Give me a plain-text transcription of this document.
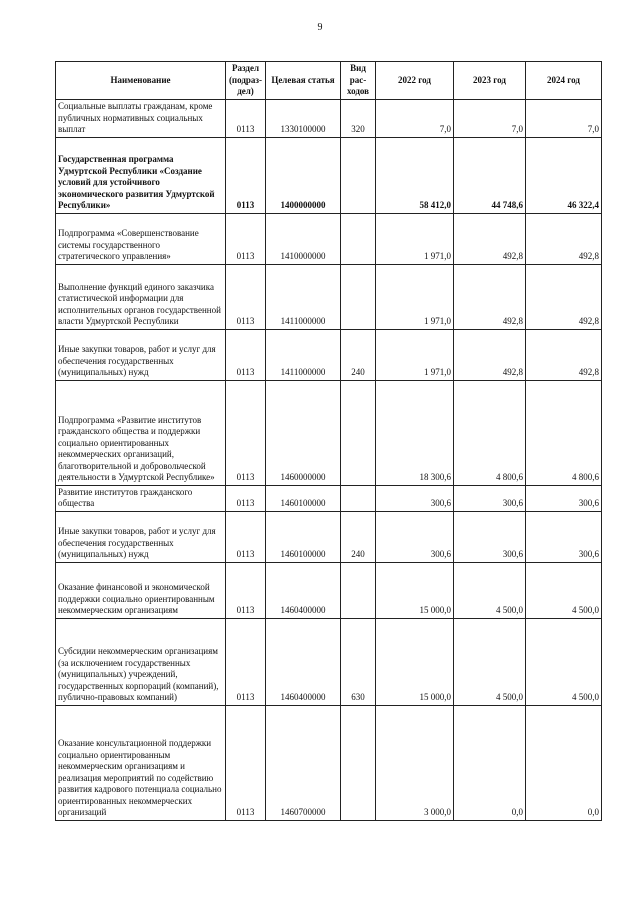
9
Наименование	Раздел (подраз-дел)	Целевая статья	Вид рас-ходов	2022 год	2023 год	2024 год
Социальные выплаты гражданам, кроме публичных нормативных социальных выплат	0113	1330100000	320	7,0	7,0	7,0
Государственная программа Удмуртской Республики «Создание условий для устойчивого экономического развития Удмуртской Республики»	0113	1400000000		58 412,0	44 748,6	46 322,4
Подпрограмма «Совершенствование системы государственного стратегического управления»	0113	1410000000		1 971,0	492,8	492,8
Выполнение функций единого заказчика статистической информации для исполнительных органов государственной власти Удмуртской Республики	0113	1411000000		1 971,0	492,8	492,8
Иные закупки товаров, работ и услуг для обеспечения государственных (муниципальных) нужд	0113	1411000000	240	1 971,0	492,8	492,8
Подпрограмма «Развитие институтов гражданского общества и поддержки социально ориентированных некоммерческих организаций, благотворительной и добровольческой деятельности в Удмуртской Республике»	0113	1460000000		18 300,6	4 800,6	4 800,6
Развитие институтов гражданского общества	0113	1460100000		300,6	300,6	300,6
Иные закупки товаров, работ и услуг для обеспечения государственных (муниципальных) нужд	0113	1460100000	240	300,6	300,6	300,6
Оказание финансовой и экономической поддержки социально ориентированным некоммерческим организациям	0113	1460400000		15 000,0	4 500,0	4 500,0
Субсидии некоммерческим организациям (за исключением государственных (муниципальных) учреждений, государственных корпораций (компаний), публично-правовых компаний)	0113	1460400000	630	15 000,0	4 500,0	4 500,0
Оказание консультационной поддержки социально ориентированным некоммерческим организациям и реализация мероприятий по содействию развития кадрового потенциала социально ориентированных некоммерческих организаций	0113	1460700000		3 000,0	0,0	0,0
